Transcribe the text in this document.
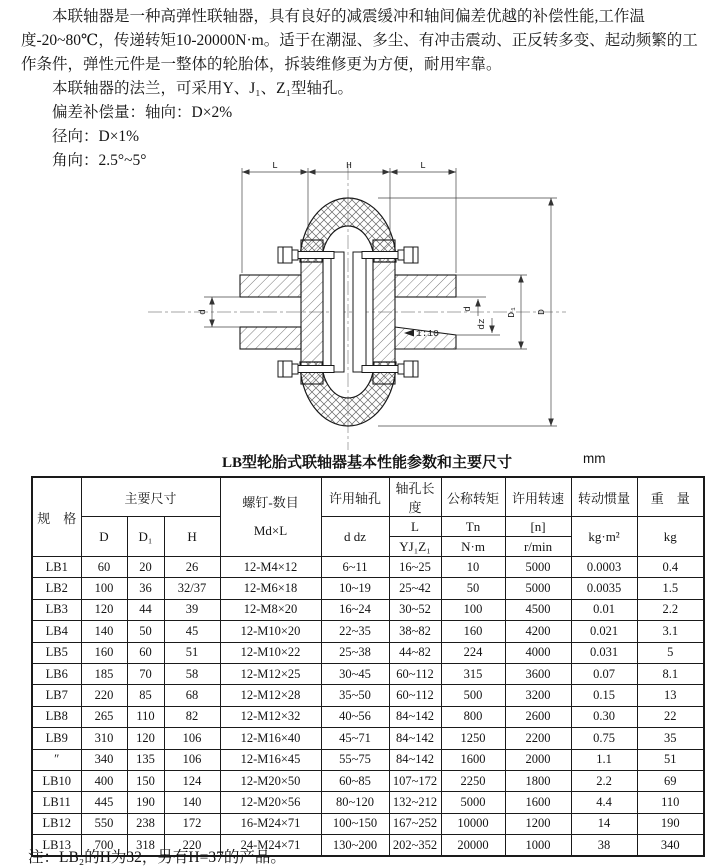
本联轴器是一种高弹性联轴器，具有良好的减震缓冲和轴间偏差优越的补偿性能,工作温度-20~80℃，传递转矩10-20000N·m。适于在潮湿、多尘、有冲击震动、正反转多变、起动频繁的工作条件，弹性元件是一整体的轮胎体，拆装维修更为方便，耐用牢靠。

本联轴器的法兰，可采用Y、J₁、Z₁型轴孔。

偏差补偿量：轴向：D×2%

径向：D×1%

角向：2.5°~5°	L	H	L
d
d
dz
D₁ D
1:10
LB型轮胎式联轴器基本性能参数和主要尺寸	mm
规　格	主要尺寸			螺钉-数目
Md×L	许用轴孔	轴孔长度	公称转矩	许用转速	转动惯量	重　量
	D	D₁	H		d dz	L	Tn	[n]	kg·m²	kg
						YJ₁Z₁	N·m	r/min		
LB1	60	20	26	12-M4×12	6~11	16~25	10	5000	0.0003	0.4
LB2	100	36	32/37	12-M6×18	10~19	25~42	50	5000	0.0035	1.5
LB3	120	44	39	12-M8×20	16~24	30~52	100	4500	0.01	2.2
LB4	140	50	45	12-M10×20	22~35	38~82	160	4200	0.021	3.1
LB5	160	60	51	12-M10×22	25~38	44~82	224	4000	0.031	5
LB6	185	70	58	12-M12×25	30~45	60~112	315	3600	0.07	8.1
LB7	220	85	68	12-M12×28	35~50	60~112	500	3200	0.15	13
LB8	265	110	82	12-M12×32	40~56	84~142	800	2600	0.30	22
LB9	310	120	106	12-M16×40	45~71	84~142	1250	2200	0.75	35
″	340	135	106	12-M16×45	55~75	84~142	1600	2000	1.1	51
LB10	400	150	124	12-M20×50	60~85	107~172	2250	1800	2.2	69
LB11	445	190	140	12-M20×56	80~120	132~212	5000	1600	4.4	110
LB12	550	238	172	16-M24×71	100~150	167~252	10000	1200	14	190
LB13	700	318	220	24-M24×71	130~200	202~352	20000	1000	38	340
注：LB₂的H为32，另有H=37的产品。
